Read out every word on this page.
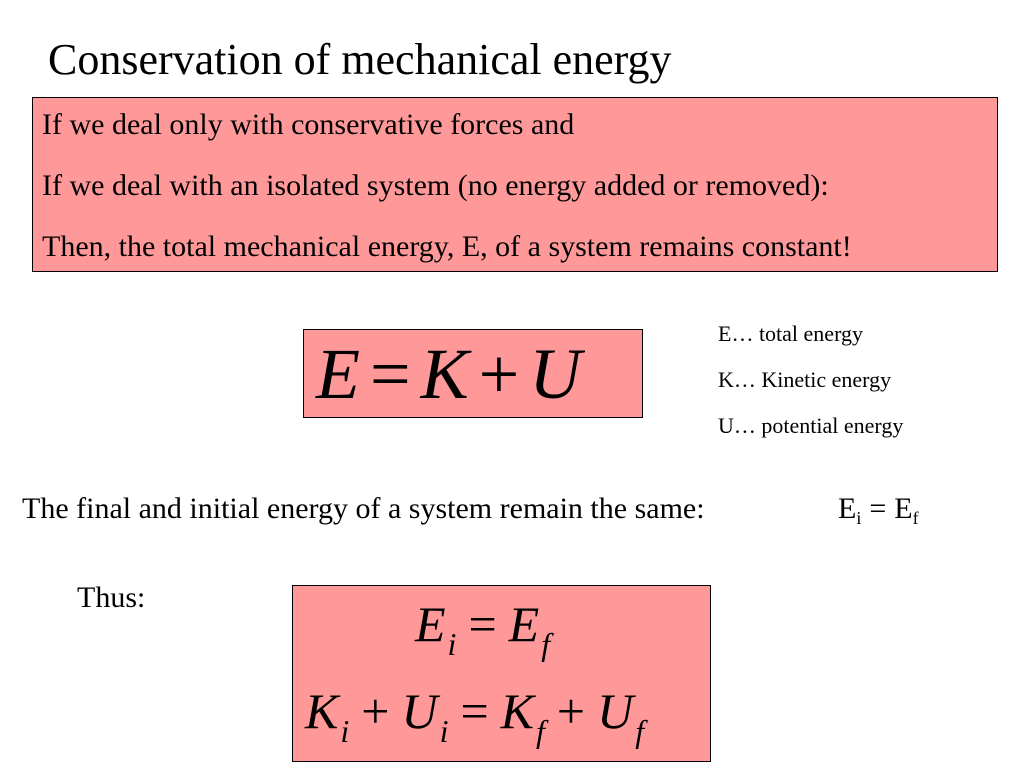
Conservation of mechanical energy
If we deal only with conservative forces and
If we deal with an isolated system (no energy added or removed):
Then, the total mechanical energy, E, of a system remains constant!
E = K + U
E… total energy
K… Kinetic energy
U… potential energy
The final and initial energy of a system remain the same:	$E_i = E_f$
Thus:	$E_i = E_f$
$K_i + U_i = K_f + U_f$
